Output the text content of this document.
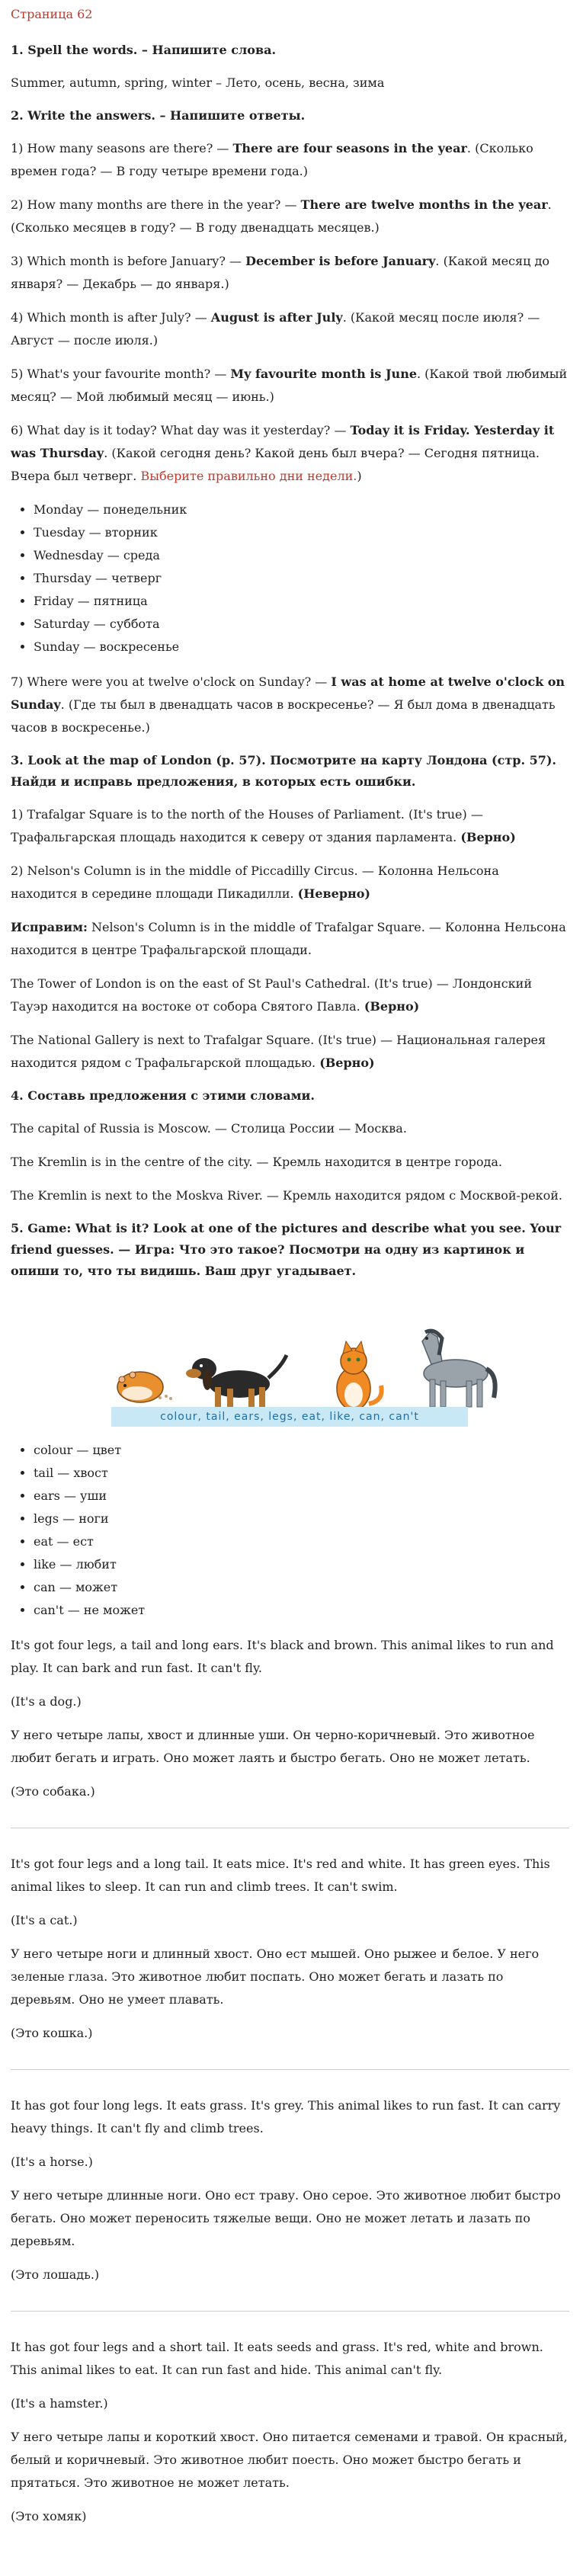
Страница 62
1. Spell the words. – Напишите слова.

Summer, autumn, spring, winter – Лето, осень, весна, зима

2. Write the answers. – Напишите ответы.

1) How many seasons are there? — There are four seasons in the year. (Сколько времен года? — В году четыре времени года.)

2) How many months are there in the year? — There are twelve months in the year. (Сколько месяцев в году? — В году двенадцать месяцев.)

3) Which month is before January? — December is before January. (Какой месяц до января? — Декабрь — до января.)

4) Which month is after July? — August is after July. (Какой месяц после июля? — Август — после июля.)

5) What's your favourite month? — My favourite month is June. (Какой твой любимый месяц? — Мой любимый месяц — июнь.)

6) What day is it today? What day was it yesterday? — Today it is Friday. Yesterday it was Thursday. (Какой сегодня день? Какой день был вчера? — Сегодня пятница. Вчера был четверг. Выберите правильно дни недели.)

• Monday — понедельник
• Tuesday — вторник
• Wednesday — среда
• Thursday — четверг
• Friday — пятница
• Saturday — суббота
• Sunday — воскресенье

7) Where were you at twelve o'clock on Sunday? — I was at home at twelve o'clock on Sunday. (Где ты был в двенадцать часов в воскресенье? — Я был дома в двенадцать часов в воскресенье.)

3. Look at the map of London (p. 57). Посмотрите на карту Лондона (стр. 57). Найди и исправь предложения, в которых есть ошибки.

1) Trafalgar Square is to the north of the Houses of Parliament. (It's true) — Трафальгарская площадь находится к северу от здания парламента. (Верно)

2) Nelson's Column is in the middle of Piccadilly Circus. — Колонна Нельсона находится в середине площади Пикадилли. (Неверно)

Исправим: Nelson's Column is in the middle of Trafalgar Square. — Колонна Нельсона находится в центре Трафальгарской площади.

The Tower of London is on the east of St Paul's Cathedral. (It's true) — Лондонский Тауэр находится на востоке от собора Святого Павла. (Верно)

The National Gallery is next to Trafalgar Square. (It's true) — Национальная галерея находится рядом с Трафальгарской площадью. (Верно)

4. Составь предложения с этими словами.

The capital of Russia is Moscow. — Столица России — Москва.

The Kremlin is in the centre of the city. — Кремль находится в центре города.

The Kremlin is next to the Moskva River. — Кремль находится рядом с Москвой-рекой.

5. Game: What is it? Look at one of the pictures and describe what you see. Your friend guesses. — Игра: Что это такое? Посмотри на одну из картинок и опиши то, что ты видишь. Ваш друг угадывает.
colour, tail, ears, legs, eat, like, can, can't
• colour — цвет
• tail — хвост
• ears — уши
• legs — ноги
• eat — ест
• like — любит
• can — может
• can't — не может

It's got four legs, a tail and long ears. It's black and brown. This animal likes to run and play. It can bark and run fast. It can't fly.

(It's a dog.)

У него четыре лапы, хвост и длинные уши. Он черно-коричневый. Это животное любит бегать и играть. Оно может лаять и быстро бегать. Оно не может летать.

(Это собака.)

It's got four legs and a long tail. It eats mice. It's red and white. It has green eyes. This animal likes to sleep. It can run and climb trees. It can't swim.

(It's a cat.)

У него четыре ноги и длинный хвост. Оно ест мышей. Оно рыжее и белое. У него зеленые глаза. Это животное любит поспать. Оно может бегать и лазать по деревьям. Оно не умеет плавать.

(Это кошка.)

It has got four long legs. It eats grass. It's grey. This animal likes to run fast. It can carry heavy things. It can't fly and climb trees.

(It's a horse.)

У него четыре длинные ноги. Оно ест траву. Оно серое. Это животное любит быстро бегать. Оно может переносить тяжелые вещи. Оно не может летать и лазать по деревьям.

(Это лошадь.)

It has got four legs and a short tail. It eats seeds and grass. It's red, white and brown. This animal likes to eat. It can run fast and hide. This animal can't fly.

(It's a hamster.)

У него четыре лапы и короткий хвост. Оно питается семенами и травой. Он красный, белый и коричневый. Это животное любит поесть. Оно может быстро бегать и прятаться. Это животное не может летать.

(Это хомяк)
